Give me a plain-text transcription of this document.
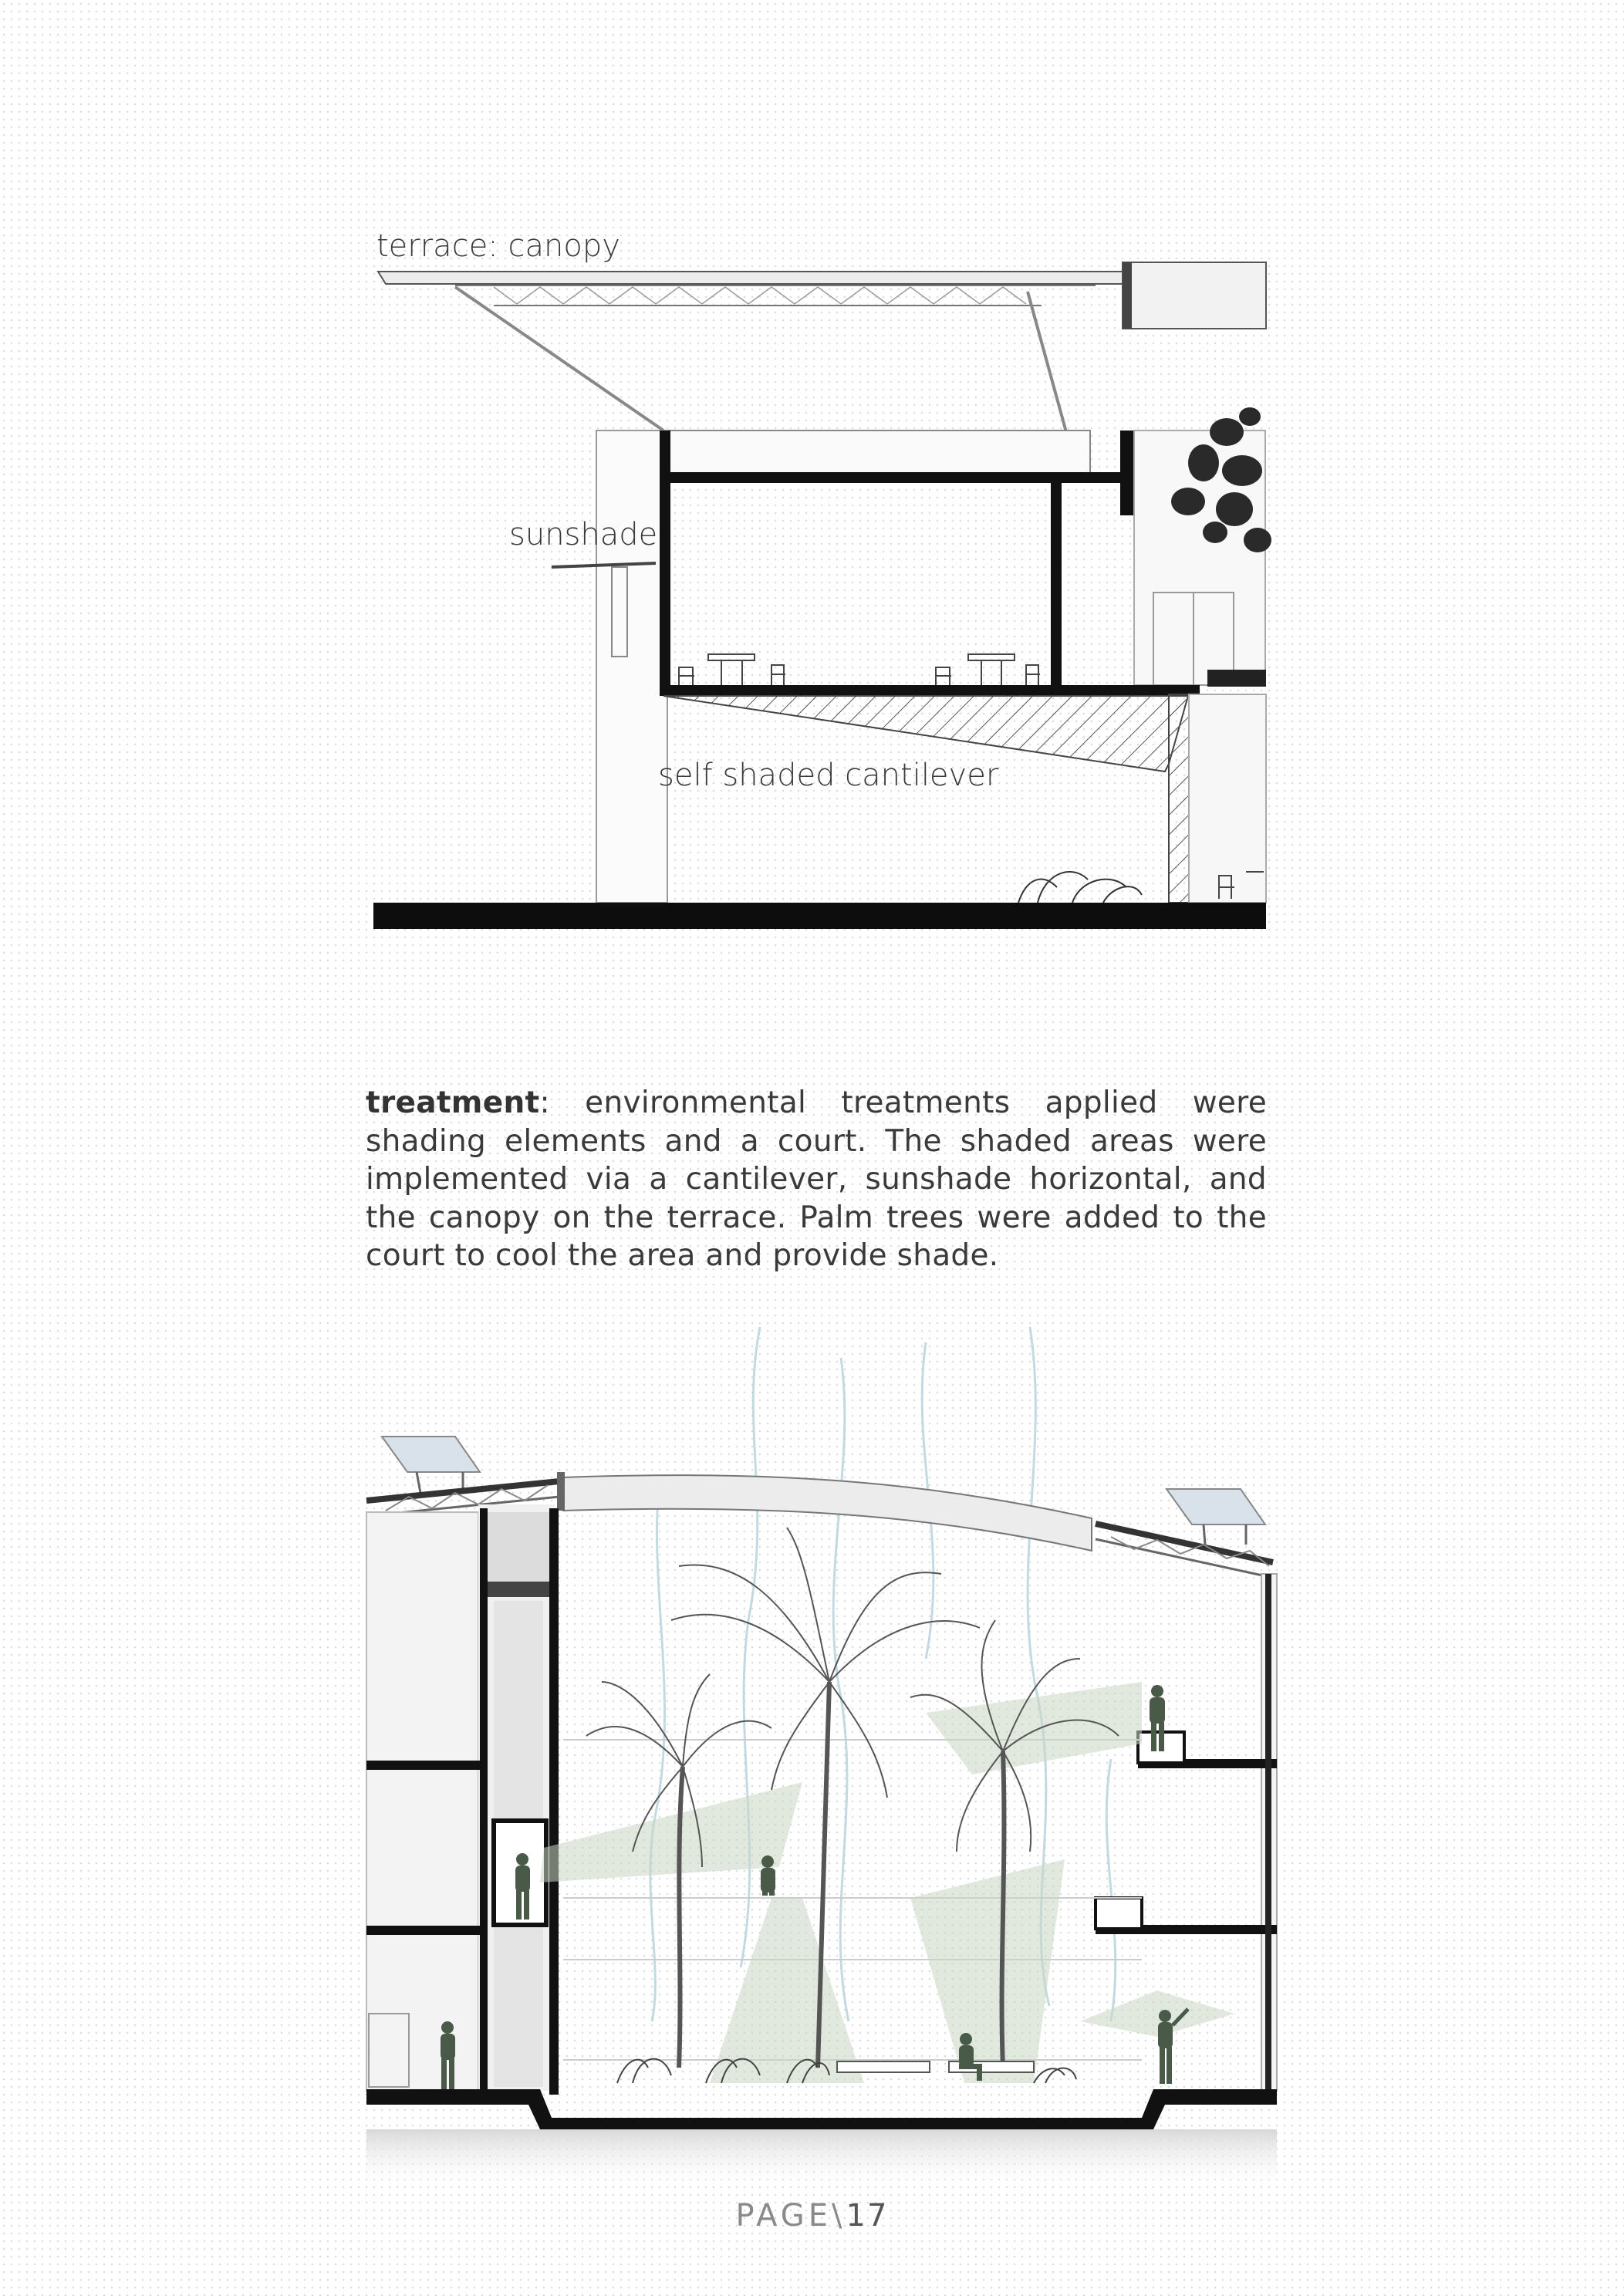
terrace: canopy
sunshade
self shaded cantilever
treatment: environmental treatments applied were shading elements and a court. The shaded areas were implemented via a cantilever, sunshade horizontal, and the canopy on the terrace. Palm trees were added to the court to cool the area and provide shade.
PAGE\17
